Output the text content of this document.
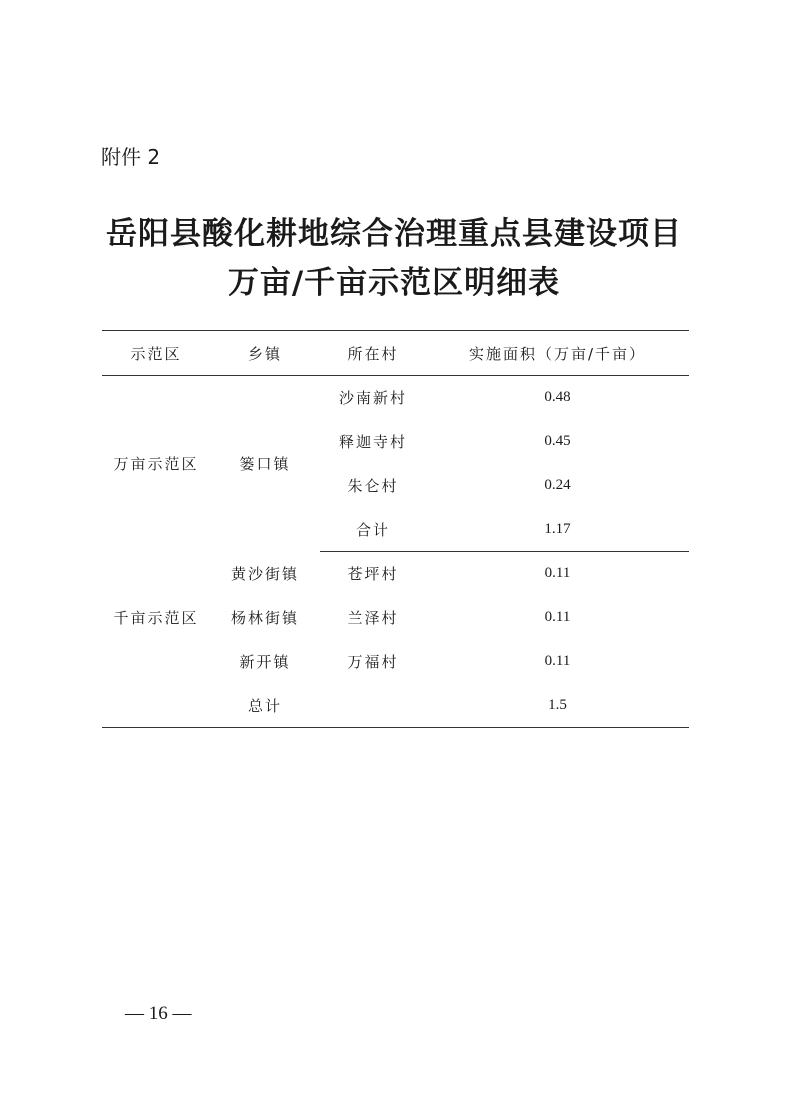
附件 2
岳阳县酸化耕地综合治理重点县建设项目
万亩/千亩示范区明细表
示范区	乡镇	所在村	实施面积（万亩/千亩）
万亩示范区	篓口镇	沙南新村	0.48
		释迦寺村	0.45
		朱仑村	0.24
		合计	1.17
千亩示范区	黄沙街镇	苍坪村	0.11
	杨林街镇	兰泽村	0.11
	新开镇	万福村	0.11
	总计		1.5
— 16 —
